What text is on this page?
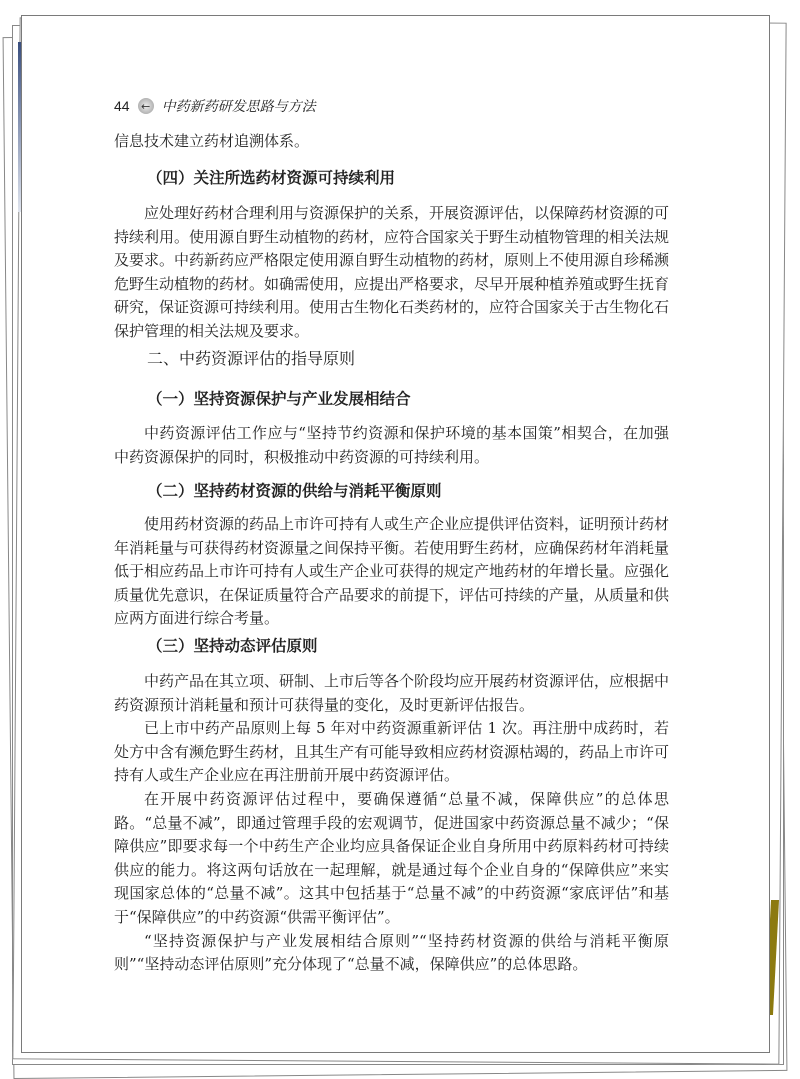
44	← 中药新药研发思路与方法

信息技术建立药材追溯体系。

（四）关注所选药材资源可持续利用

应处理好药材合理利用与资源保护的关系，开展资源评估，以保障药材资源的可持续利用。使用源自野生动植物的药材，应符合国家关于野生动植物管理的相关法规及要求。中药新药应严格限定使用源自野生动植物的药材，原则上不使用源自珍稀濒危野生动植物的药材。如确需使用，应提出严格要求，尽早开展种植养殖或野生抚育研究，保证资源可持续利用。使用古生物化石类药材的，应符合国家关于古生物化石保护管理的相关法规及要求。

二、中药资源评估的指导原则
（一）坚持资源保护与产业发展相结合

中药资源评估工作应与“坚持节约资源和保护环境的基本国策”相契合，在加强中药资源保护的同时，积极推动中药资源的可持续利用。

（二）坚持药材资源的供给与消耗平衡原则

使用药材资源的药品上市许可持有人或生产企业应提供评估资料，证明预计药材年消耗量与可获得药材资源量之间保持平衡。若使用野生药材，应确保药材年消耗量低于相应药品上市许可持有人或生产企业可获得的规定产地药材的年增长量。应强化质量优先意识，在保证质量符合产品要求的前提下，评估可持续的产量，从质量和供应两方面进行综合考量。

（三）坚持动态评估原则

中药产品在其立项、研制、上市后等各个阶段均应开展药材资源评估，应根据中药资源预计消耗量和预计可获得量的变化，及时更新评估报告。

已上市中药产品原则上每 5 年对中药资源重新评估 1 次。再注册中成药时，若处方中含有濒危野生药材，且其生产有可能导致相应药材资源枯竭的，药品上市许可持有人或生产企业应在再注册前开展中药资源评估。

在开展中药资源评估过程中，要确保遵循“总量不减，保障供应”的总体思路。“总量不减”，即通过管理手段的宏观调节，促进国家中药资源总量不减少；“保障供应”即要求每一个中药生产企业均应具备保证企业自身所用中药原料药材可持续供应的能力。将这两句话放在一起理解，就是通过每个企业自身的“保障供应”来实现国家总体的“总量不减”。这其中包括基于“总量不减”的中药资源“家底评估”和基于“保障供应”的中药资源“供需平衡评估”。

“坚持资源保护与产业发展相结合原则”“坚持药材资源的供给与消耗平衡原则”“坚持动态评估原则”充分体现了“总量不减，保障供应”的总体思路。
